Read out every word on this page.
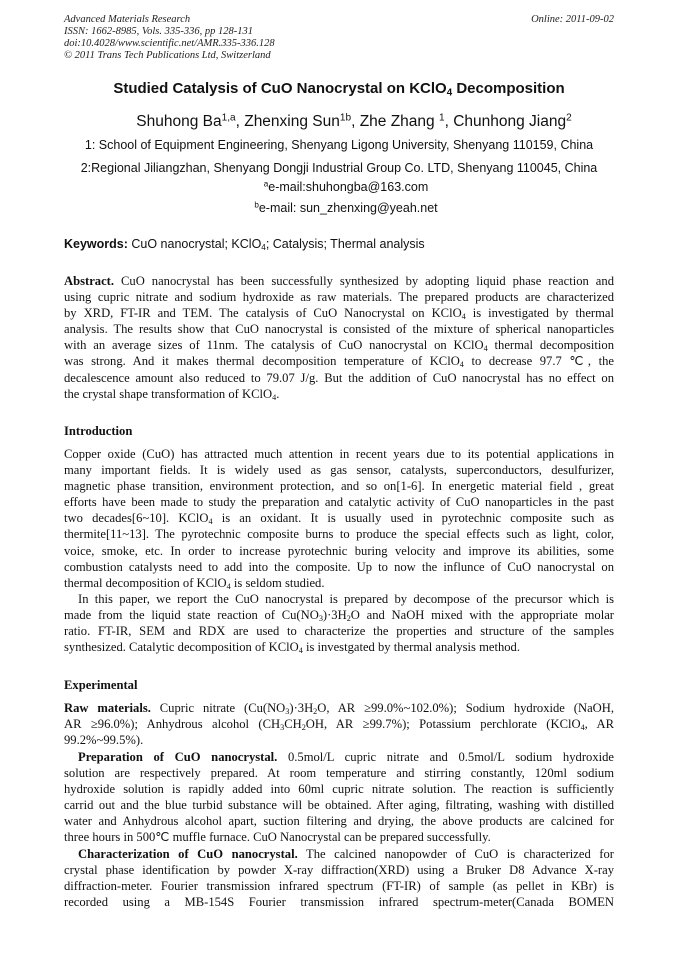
Advanced Materials Research
ISSN: 1662-8985, Vols. 335-336, pp 128-131
doi:10.4028/www.scientific.net/AMR.335-336.128
© 2011 Trans Tech Publications Ltd, Switzerland
Online: 2011-09-02
Studied Catalysis of CuO Nanocrystal on KClO$_4$ Decomposition
Shuhong Ba$^{1,a}$, Zhenxing Sun$^{1b}$, Zhe Zhang $^1$, Chunhong Jiang$^2$
1: School of Equipment Engineering, Shenyang Ligong University, Shenyang 110159, China
2:Regional Jiliangzhan, Shenyang Dongji Industrial Group Co. LTD, Shenyang 110045, China
$^a$e-mail:shuhongba@163.com
$^b$e-mail: sun_zhenxing@yeah.net
Keywords: CuO nanocrystal; KClO$_4$; Catalysis; Thermal analysis
Abstract. CuO nanocrystal has been successfully synthesized by adopting liquid phase reaction and
using cupric nitrate and sodium hydroxide as raw materials. The prepared products are characterized
by XRD, FT-IR and TEM. The catalysis of CuO Nanocrystal on KClO$_4$ is investigated by thermal
analysis. The results show that CuO nanocrystal is consisted of the mixture of spherical nanoparticles
with an average sizes of 11nm. The catalysis of CuO nanocrystal on KClO$_4$ thermal decomposition
was strong. And it makes thermal decomposition temperature of KClO$_4$ to decrease 97.7 ℃, the
decalescence amount also reduced to 79.07 J/g. But the addition of CuO nanocrystal has no effect on
the crystal shape transformation of KClO$_4$.
Introduction
Copper oxide (CuO) has attracted much attention in recent years due to its potential applications in
many important fields. It is widely used as gas sensor, catalysts, superconductors, desulfurizer,
magnetic phase transition, environment protection, and so on[1-6]. In energetic material field , great
efforts have been made to study the preparation and catalytic activity of CuO nanoparticles in the past
two decades[6~10]. KClO$_4$ is an oxidant. It is usually used in pyrotechnic composite such as
thermite[11~13]. The pyrotechnic composite burns to produce the special effects such as light, color,
voice, smoke, etc. In order to increase pyrotechnic buring velocity and improve its abilities, some
combustion catalysts need to add into the composite. Up to now the influnce of CuO nanocrystal on
thermal decomposition of KClO$_4$ is seldom studied.
In this paper, we report the CuO nanocrystal is prepared by decompose of the precursor which is
made from the liquid state reaction of $Cu(NO_3)\cdot 3H_2O$ and NaOH mixed with the appropriate molar
ratio. FT-IR, SEM and RDX are used to characterize the properties and structure of the samples
synthesized. Catalytic decomposition of KClO$_4$ is investgated by thermal analysis method.
Experimental
Raw materials. Cupric nitrate ($Cu(NO_3)\cdot 3H_2O$, AR ≥99.0%~102.0%); Sodium hydroxide (NaOH,
AR ≥96.0%); Anhydrous alcohol ($CH_3CH_2OH$, AR ≥99.7%); Potassium perchlorate (KClO$_4$, AR
99.2%~99.5%).
Preparation of CuO nanocrystal. 0.5mol/L cupric nitrate and 0.5mol/L sodium hydroxide
solution are respectively prepared. At room temperature and stirring constantly, 120ml sodium
hydroxide solution is rapidly added into 60ml cupric nitrate solution. The reaction is sufficiently
carrid out and the blue turbid substance will be obtained. After aging, filtrating, washing with distilled
water and Anhydrous alcohol apart, suction filtering and drying, the above products are calcined for
three hours in 500℃ muffle furnace. CuO Nanocrystal can be prepared successfully.
Characterization of CuO nanocrystal. The calcined nanopowder of CuO is characterized for
crystal phase identification by powder X-ray diffraction(XRD) using a Bruker D8 Advance X-ray
diffraction-meter. Fourier transmission infrared spectrum (FT-IR) of sample (as pellet in KBr) is
recorded using a MB-154S Fourier transmission infrared spectrum-meter(Canada BOMEN
